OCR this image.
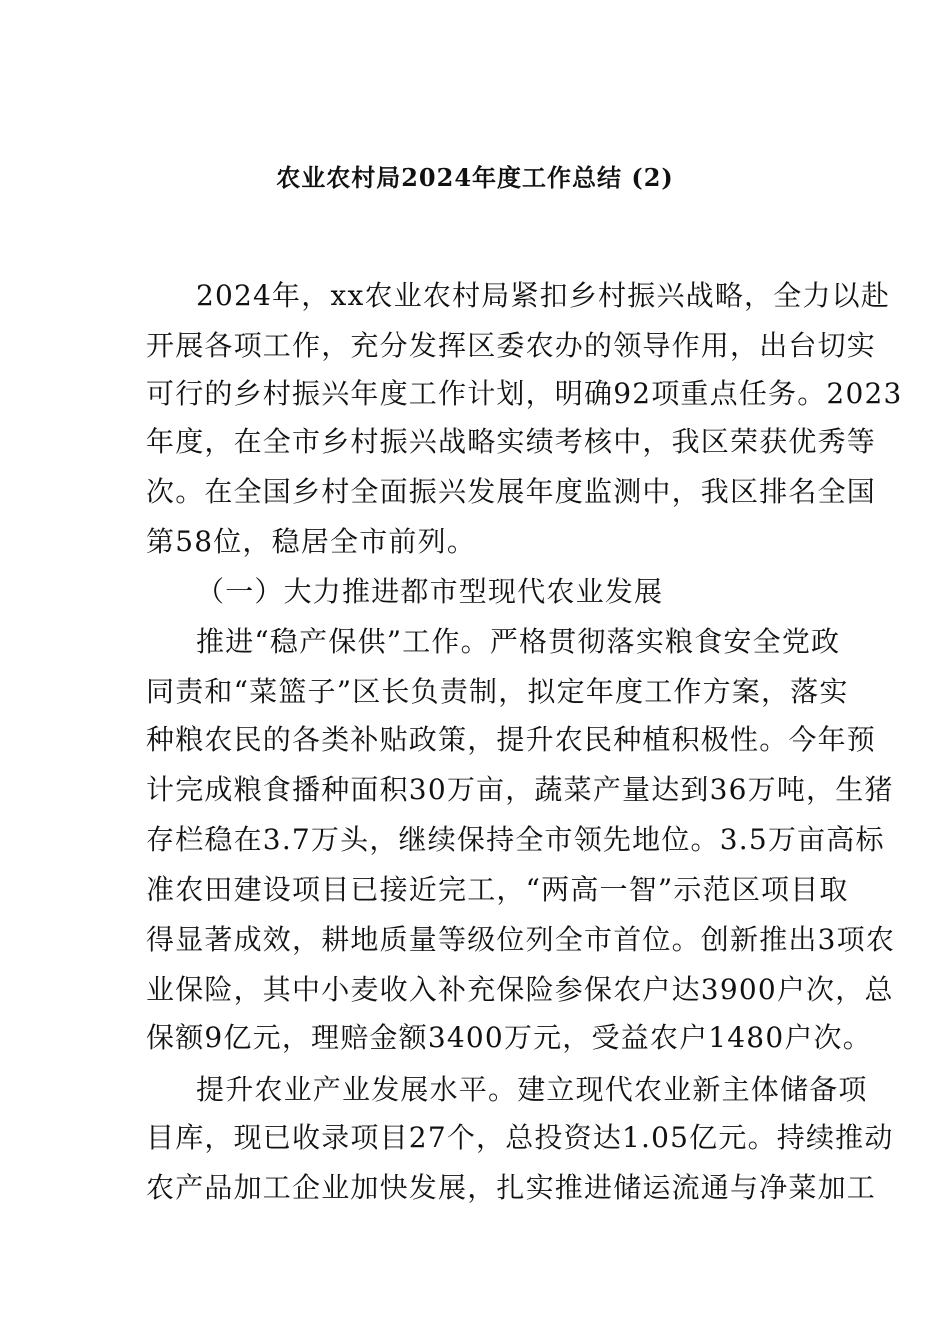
农业农村局2024年度工作总结 (2)
2024年，xx农业农村局紧扣乡村振兴战略，全力以赴
开展各项工作，充分发挥区委农办的领导作用，出台切实
可行的乡村振兴年度工作计划，明确92项重点任务。2023
年度，在全市乡村振兴战略实绩考核中，我区荣获优秀等
次。在全国乡村全面振兴发展年度监测中，我区排名全国
第58位，稳居全市前列。
（一）大力推进都市型现代农业发展
推进“稳产保供”工作。严格贯彻落实粮食安全党政
同责和“菜篮子”区长负责制，拟定年度工作方案，落实
种粮农民的各类补贴政策，提升农民种植积极性。今年预
计完成粮食播种面积30万亩，蔬菜产量达到36万吨，生猪
存栏稳在3.7万头，继续保持全市领先地位。3.5万亩高标
准农田建设项目已接近完工，“两高一智”示范区项目取
得显著成效，耕地质量等级位列全市首位。创新推出3项农
业保险，其中小麦收入补充保险参保农户达3900户次，总
保额9亿元，理赔金额3400万元，受益农户1480户次。
提升农业产业发展水平。建立现代农业新主体储备项
目库，现已收录项目27个，总投资达1.05亿元。持续推动
农产品加工企业加快发展，扎实推进储运流通与净菜加工
